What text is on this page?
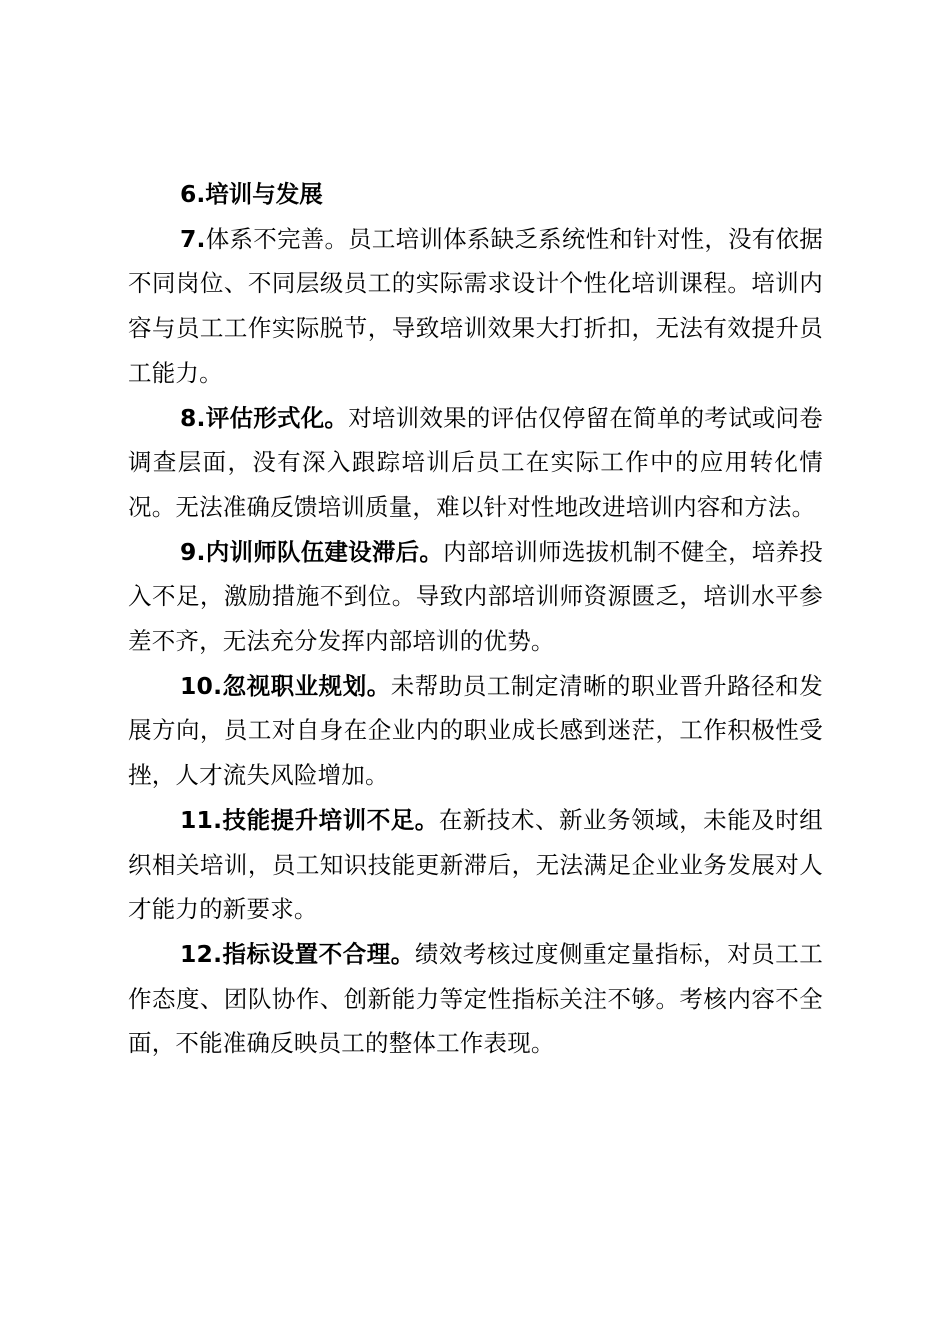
6.培训与发展

7.体系不完善。员工培训体系缺乏系统性和针对性，没有依据不同岗位、不同层级员工的实际需求设计个性化培训课程。培训内容与员工工作实际脱节，导致培训效果大打折扣，无法有效提升员工能力。

8.评估形式化。对培训效果的评估仅停留在简单的考试或问卷调查层面，没有深入跟踪培训后员工在实际工作中的应用转化情况。无法准确反馈培训质量，难以针对性地改进培训内容和方法。

9.内训师队伍建设滞后。内部培训师选拔机制不健全，培养投入不足，激励措施不到位。导致内部培训师资源匮乏，培训水平参差不齐，无法充分发挥内部培训的优势。

10.忽视职业规划。未帮助员工制定清晰的职业晋升路径和发展方向，员工对自身在企业内的职业成长感到迷茫，工作积极性受挫，人才流失风险增加。

11.技能提升培训不足。在新技术、新业务领域，未能及时组织相关培训，员工知识技能更新滞后，无法满足企业业务发展对人才能力的新要求。

12.指标设置不合理。绩效考核过度侧重定量指标，对员工工作态度、团队协作、创新能力等定性指标关注不够。考核内容不全面，不能准确反映员工的整体工作表现。
